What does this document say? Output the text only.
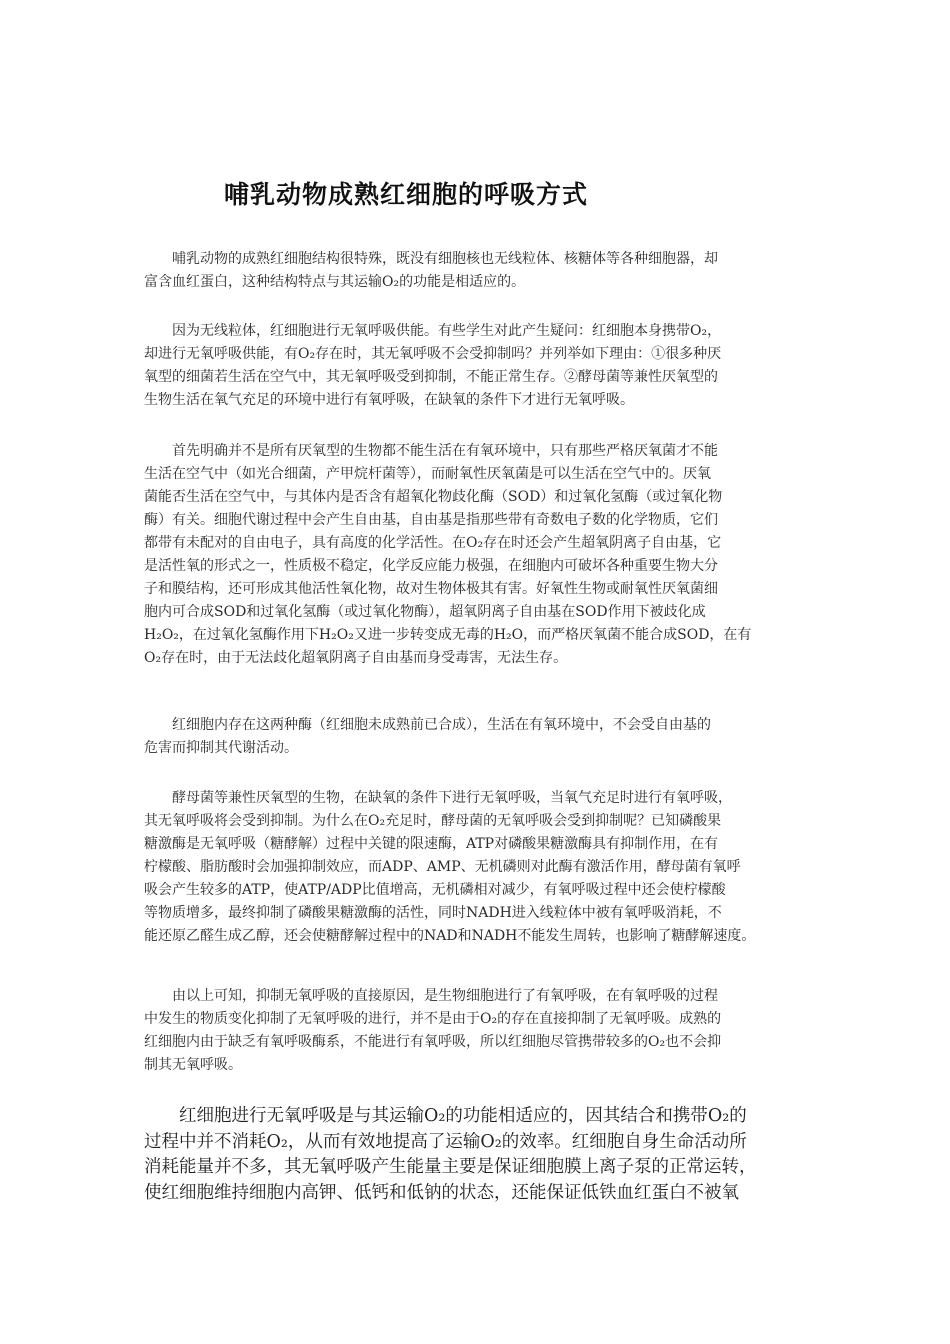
哺乳动物成熟红细胞的呼吸方式

　　哺乳动物的成熟红细胞结构很特殊，既没有细胞核也无线粒体、核糖体等各种细胞器，却
富含血红蛋白，这种结构特点与其运输O₂的功能是相适应的。

　　因为无线粒体，红细胞进行无氧呼吸供能。有些学生对此产生疑问：红细胞本身携带O₂，
却进行无氧呼吸供能，有O₂存在时，其无氧呼吸不会受抑制吗？并列举如下理由：①很多种厌
氧型的细菌若生活在空气中，其无氧呼吸受到抑制，不能正常生存。②酵母菌等兼性厌氧型的
生物生活在氧气充足的环境中进行有氧呼吸，在缺氧的条件下才进行无氧呼吸。

　　首先明确并不是所有厌氧型的生物都不能生活在有氧环境中，只有那些严格厌氧菌才不能
生活在空气中（如光合细菌，产甲烷杆菌等），而耐氧性厌氧菌是可以生活在空气中的。厌氧
菌能否生活在空气中，与其体内是否含有超氧化物歧化酶（SOD）和过氧化氢酶（或过氧化物
酶）有关。细胞代谢过程中会产生自由基，自由基是指那些带有奇数电子数的化学物质，它们
都带有未配对的自由电子，具有高度的化学活性。在O₂存在时还会产生超氧阴离子自由基，它
是活性氧的形式之一，性质极不稳定，化学反应能力极强，在细胞内可破坏各种重要生物大分
子和膜结构，还可形成其他活性氧化物，故对生物体极其有害。好氧性生物或耐氧性厌氧菌细
胞内可合成SOD和过氧化氢酶（或过氧化物酶），超氧阴离子自由基在SOD作用下被歧化成
H₂O₂，在过氧化氢酶作用下H₂O₂又进一步转变成无毒的H₂O，而严格厌氧菌不能合成SOD，在有
O₂存在时，由于无法歧化超氧阴离子自由基而身受毒害，无法生存。

　　红细胞内存在这两种酶（红细胞未成熟前已合成），生活在有氧环境中，不会受自由基的
危害而抑制其代谢活动。

　　酵母菌等兼性厌氧型的生物，在缺氧的条件下进行无氧呼吸，当氧气充足时进行有氧呼吸，
其无氧呼吸将会受到抑制。为什么在O₂充足时，酵母菌的无氧呼吸会受到抑制呢？已知磷酸果
糖激酶是无氧呼吸（糖酵解）过程中关键的限速酶，ATP对磷酸果糖激酶具有抑制作用，在有
柠檬酸、脂肪酸时会加强抑制效应，而ADP、AMP、无机磷则对此酶有激活作用，酵母菌有氧呼
吸会产生较多的ATP，使ATP/ADP比值增高，无机磷相对减少，有氧呼吸过程中还会使柠檬酸
等物质增多，最终抑制了磷酸果糖激酶的活性，同时NADH进入线粒体中被有氧呼吸消耗，不
能还原乙醛生成乙醇，还会使糖酵解过程中的NAD和NADH不能发生周转，也影响了糖酵解速度。

　　由以上可知，抑制无氧呼吸的直接原因，是生物细胞进行了有氧呼吸，在有氧呼吸的过程
中发生的物质变化抑制了无氧呼吸的进行，并不是由于O₂的存在直接抑制了无氧呼吸。成熟的
红细胞内由于缺乏有氧呼吸酶系，不能进行有氧呼吸，所以红细胞尽管携带较多的O₂也不会抑
制其无氧呼吸。

　　红细胞进行无氧呼吸是与其运输O₂的功能相适应的，因其结合和携带O₂的
过程中并不消耗O₂，从而有效地提高了运输O₂的效率。红细胞自身生命活动所
消耗能量并不多，其无氧呼吸产生能量主要是保证细胞膜上离子泵的正常运转，
使红细胞维持细胞内高钾、低钙和低钠的状态，还能保证低铁血红蛋白不被氧
